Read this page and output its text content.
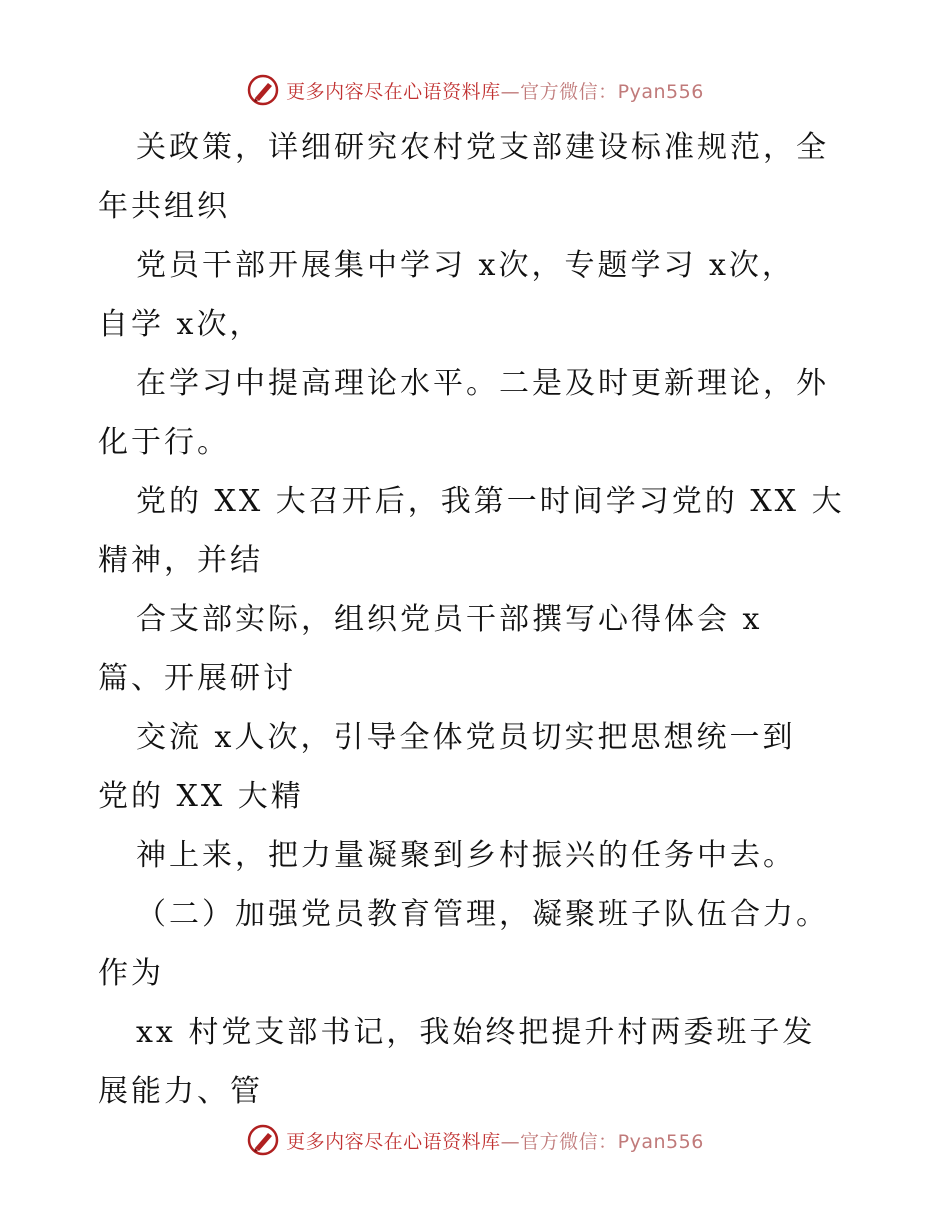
更多内容尽在心语资料库—官方微信：Pyan556
关政策，详细研究农村党支部建设标准规范，全
年共组织
党员干部开展集中学习 x次，专题学习 x次，
自学 x次，
在学习中提高理论水平。二是及时更新理论，外
化于行。
党的 XX 大召开后，我第一时间学习党的 XX 大
精神，并结
合支部实际，组织党员干部撰写心得体会 x
篇、开展研讨
交流 x人次，引导全体党员切实把思想统一到
党的 XX 大精
神上来，把力量凝聚到乡村振兴的任务中去。
（二）加强党员教育管理，凝聚班子队伍合力。
作为
xx 村党支部书记，我始终把提升村两委班子发
展能力、管
更多内容尽在心语资料库—官方微信：Pyan556
